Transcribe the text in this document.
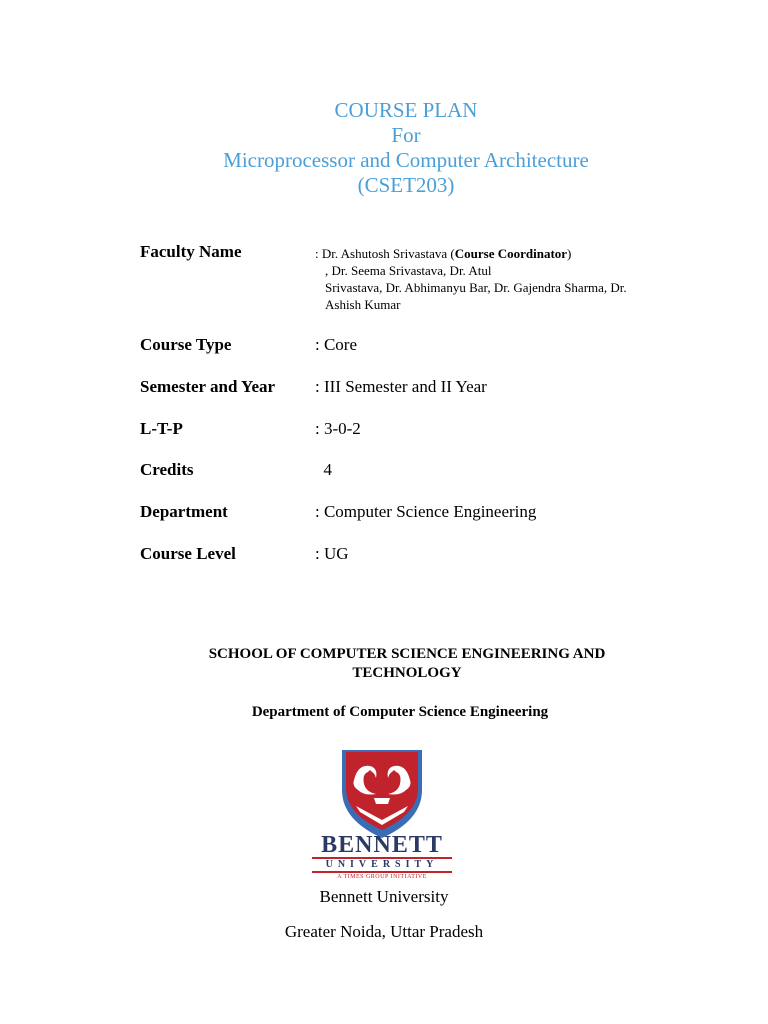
COURSE PLAN
For
Microprocessor and Computer Architecture
(CSET203)
Faculty Name	: Dr. Ashutosh Srivastava (Course Coordinator)
, Dr. Seema Srivastava, Dr. Atul
Srivastava, Dr. Abhimanyu Bar, Dr. Gajendra Sharma, Dr.
Ashish Kumar
Course Type	: Core
Semester and Year	: III Semester and II Year
L-T-P	: 3-0-2
Credits	4
Department	: Computer Science Engineering
Course Level	: UG
SCHOOL OF COMPUTER SCIENCE ENGINEERING AND
TECHNOLOGY
Department of Computer Science Engineering
BENNETT
UNIVERSITY
A TIMES GROUP INITIATIVE
Bennett University
Greater Noida, Uttar Pradesh
